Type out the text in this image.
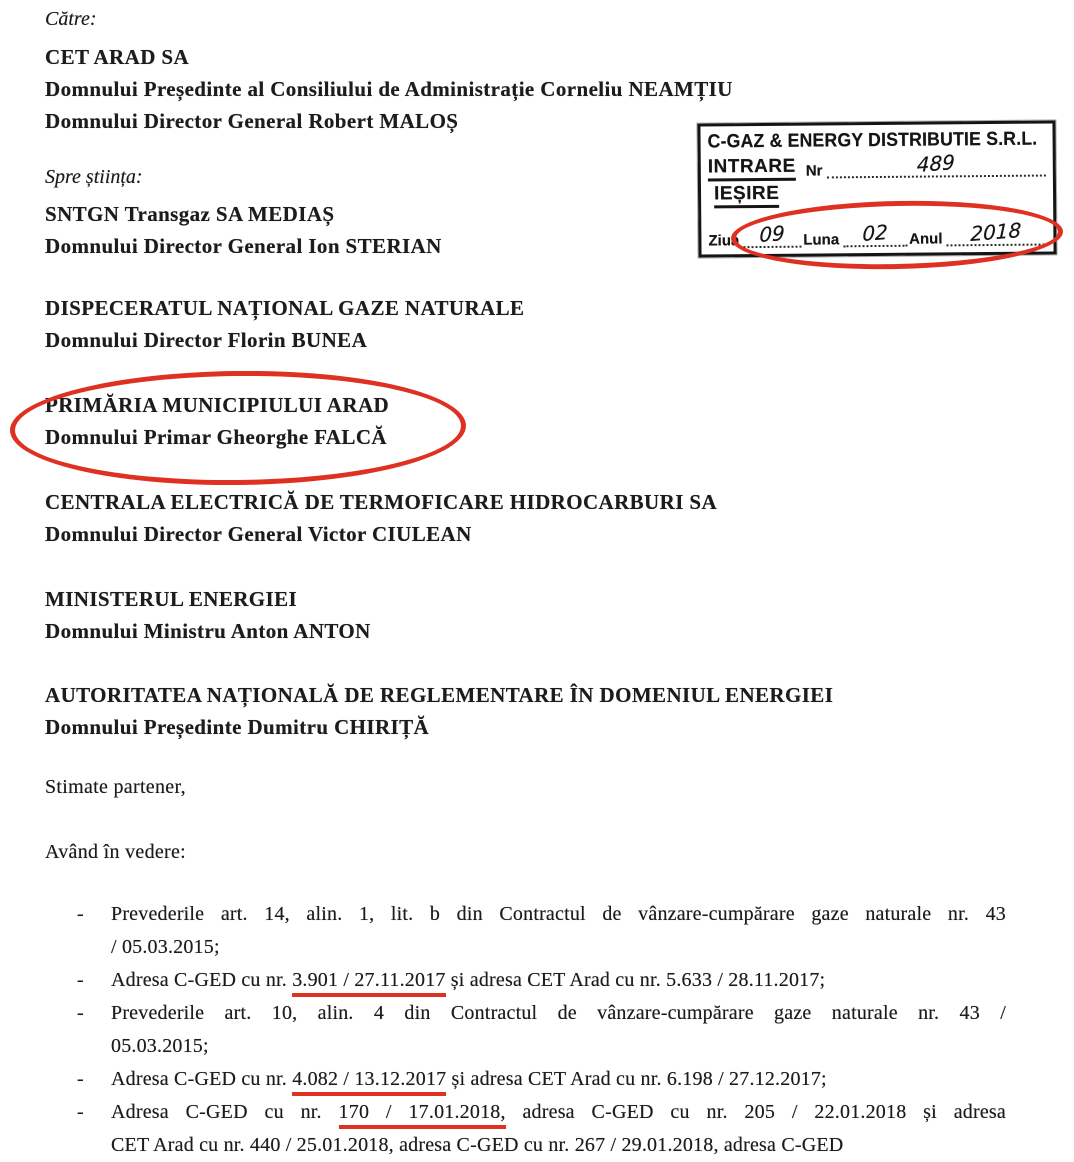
Către:
CET ARAD SA
Domnului Președinte al Consiliului de Administrație Corneliu NEAMȚIU
Domnului Director General Robert MALOȘ
Spre știința:
SNTGN Transgaz SA MEDIAȘ
Domnului Director General Ion STERIAN
DISPECERATUL NAȚIONAL GAZE NATURALE
Domnului Director Florin BUNEA
PRIMĂRIA MUNICIPIULUI ARAD
Domnului Primar Gheorghe FALCĂ
CENTRALA ELECTRICĂ DE TERMOFICARE HIDROCARBURI SA
Domnului Director General Victor CIULEAN
MINISTERUL ENERGIEI
Domnului Ministru Anton ANTON
AUTORITATEA NAȚIONALĂ DE REGLEMENTARE ÎN DOMENIUL ENERGIEI
Domnului Președinte Dumitru CHIRIȚĂ
Stimate partener,
Având în vedere:
- Prevederile art. 14, alin. 1, lit. b din Contractul de vânzare-cumpărare gaze naturale nr. 43
/ 05.03.2015;
- Adresa C-GED cu nr. 3.901 / 27.11.2017 și adresa CET Arad cu nr. 5.633 / 28.11.2017;
- Prevederile art. 10, alin. 4 din Contractul de vânzare-cumpărare gaze naturale nr. 43 /
05.03.2015;
- Adresa C-GED cu nr. 4.082 / 13.12.2017 și adresa CET Arad cu nr. 6.198 / 27.12.2017;
- Adresa C-GED cu nr. 170 / 17.01.2018, adresa C-GED cu nr. 205 / 22.01.2018 și adresa
CET Arad cu nr. 440 / 25.01.2018, adresa C-GED cu nr. 267 / 29.01.2018, adresa C-GED
C-GAZ & ENERGY DISTRIBUTIE S.R.L.
INTRARE Nr	489
IEȘIRE
Ziua 09	Luna	02	Anul	2018
